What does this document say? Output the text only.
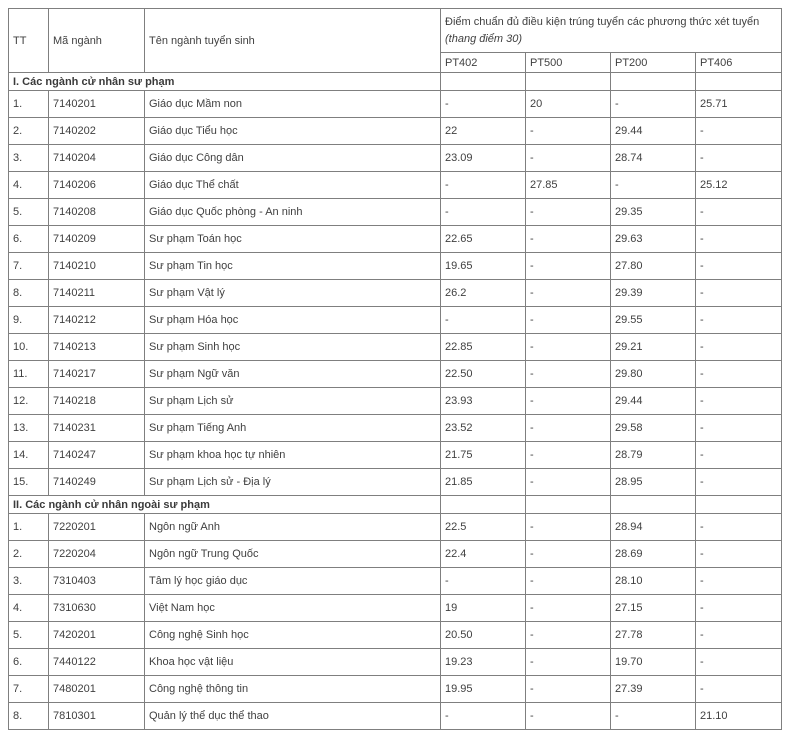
TT	Mã ngành	Tên ngành tuyển sinh	Điểm chuẩn đủ điều kiện trúng tuyển các phương thức xét tuyển
(thang điểm 30)			

			PT402	PT500	PT200	PT406
I. Các ngành cử nhân sư phạm						
1.	7140201	Giáo dục Mầm non	-	20	-	25.71
2.	7140202	Giáo dục Tiểu học	22	-	29.44	-
3.	7140204	Giáo dục Công dân	23.09	-	28.74	-
4.	7140206	Giáo dục Thể chất	-	27.85	-	25.12
5.	7140208	Giáo dục Quốc phòng - An ninh	-	-	29.35	-
6.	7140209	Sư phạm Toán học	22.65	-	29.63	-
7.	7140210	Sư phạm Tin học	19.65	-	27.80	-
8.	7140211	Sư phạm Vật lý	26.2	-	29.39	-
9.	7140212	Sư phạm Hóa học	-	-	29.55	-
10.	7140213	Sư phạm Sinh học	22.85	-	29.21	-
11.	7140217	Sư phạm Ngữ văn	22.50	-	29.80	-
12.	7140218	Sư phạm Lịch sử	23.93	-	29.44	-
13.	7140231	Sư phạm Tiếng Anh	23.52	-	29.58	-
14.	7140247	Sư phạm khoa học tự nhiên	21.75	-	28.79	-
15.	7140249	Sư phạm Lịch sử - Địa lý	21.85	-	28.95	-
II. Các ngành cử nhân ngoài sư phạm						
1.	7220201	Ngôn ngữ Anh	22.5	-	28.94	-
2.	7220204	Ngôn ngữ Trung Quốc	22.4	-	28.69	-
3.	7310403	Tâm lý học giáo dục	-	-	28.10	-
4.	7310630	Việt Nam học	19	-	27.15	-
5.	7420201	Công nghệ Sinh học	20.50	-	27.78	-
6.	7440122	Khoa học vật liệu	19.23	-	19.70	-
7.	7480201	Công nghệ thông tin	19.95	-	27.39	-
8.	7810301	Quản lý thể dục thể thao	-	-	-	21.10
